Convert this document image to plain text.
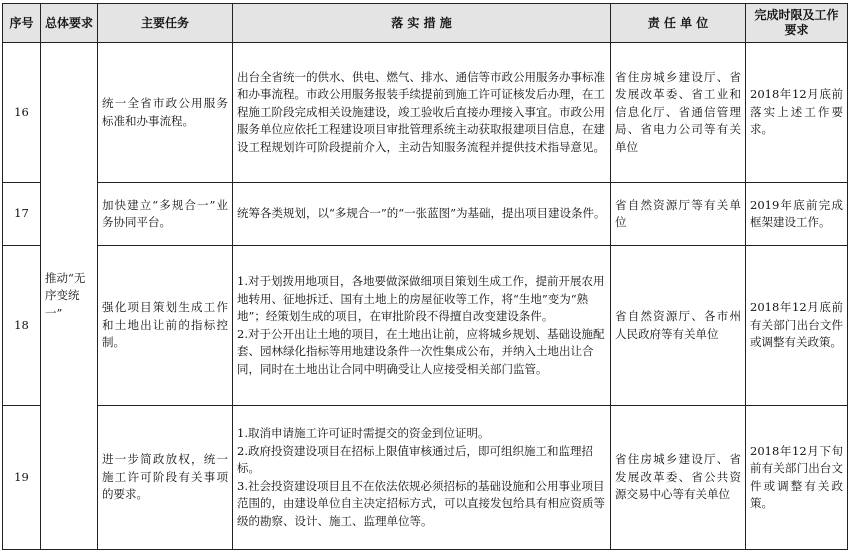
序号	总体要求	主要任务	落 实 措 施	责 任 单 位	完成时限及工作要求
16	推动“无序变统一”	统一全省市政公用服务标准和办事流程。	出台全省统一的供水、供电、燃气、排水、通信等市政公用服务办事标准和办事流程。市政公用服务报装手续提前到施工许可证核发后办理，在工程施工阶段完成相关设施建设，竣工验收后直接办理接入事宜。市政公用服务单位应依托工程建设项目审批管理系统主动获取报建项目信息，在建设工程规划许可阶段提前介入，主动告知服务流程并提供技术指导意见。	省住房城乡建设厅、省发展改革委、省工业和信息化厅、省通信管理局、省电力公司等有关单位	2018年12月底前落实上述工作要求。
17		加快建立“多规合一”业务协同平台。	统筹各类规划，以“多规合一”的“一张蓝图”为基础，提出项目建设条件。	省自然资源厅等有关单位	2019年底前完成框架建设工作。
18		强化项目策划生成工作和土地出让前的指标控制。	1.对于划拨用地项目，各地要做深做细项目策划生成工作，提前开展农用地转用、征地拆迁、国有土地上的房屋征收等工作，将“生地”变为“熟地”；经策划生成的项目，在审批阶段不得擅自改变建设条件。
2.对于公开出让土地的项目，在土地出让前，应将城乡规划、基础设施配套、园林绿化指标等用地建设条件一次性集成公布，并纳入土地出让合同，同时在土地出让合同中明确受让人应接受相关部门监管。	省自然资源厅、各市州人民政府等有关单位	2018年12月底前有关部门出台文件或调整有关政策。
19		进一步简政放权，统一施工许可阶段有关事项的要求。	1.取消申请施工许可证时需提交的资金到位证明。
2.政府投资建设项目在招标上限值审核通过后，即可组织施工和监理招标。
3.社会投资建设项目且不在依法依规必须招标的基础设施和公用事业项目范围的，由建设单位自主决定招标方式，可以直接发包给具有相应资质等级的勘察、设计、施工、监理单位等。	省住房城乡建设厅、省发展改革委、省公共资源交易中心等有关单位	2018年12月下旬前有关部门出台文件或调整有关政策。
